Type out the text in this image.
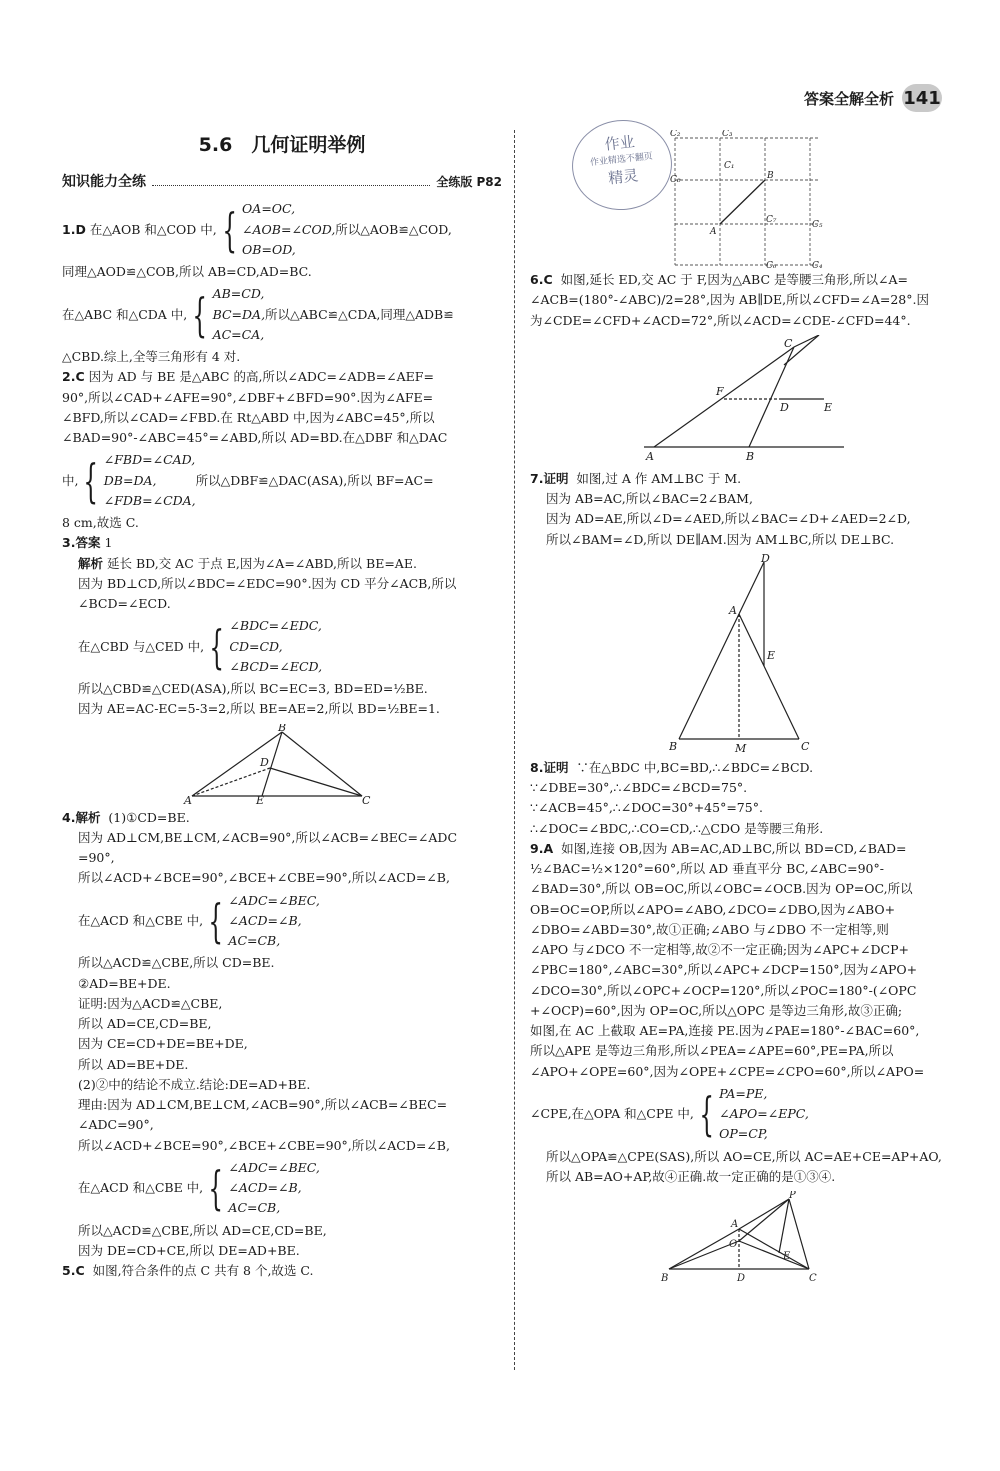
答案全解全析 141
5.6　几何证明举例
知识能力全练	全练版 P82
1.D
在△AOB 和△COD 中, { OA=OC,
∠AOB=∠COD,
OB=OD,
所以△AOB≌△COD,

同理△AOD≌△COB,所以 AB=CD,AD=BC.

在△ABC 和△CDA 中, { AB=CD,
BC=DA,
AC=CA,
所以△ABC≌△CDA,同理△ADB≌

△CBD.综上,全等三角形有 4 对.

2.C 因为 AD 与 BE 是△ABC 的高,所以∠ADC=∠ADB=∠AEF=

90°,所以∠CAD+∠AFE=90°,∠DBF+∠BFD=90°.因为∠AFE=

∠BFD,所以∠CAD=∠FBD.在 Rt△ABD 中,因为∠ABC=45°,所以

∠BAD=90°-∠ABC=45°=∠ABD,所以 AD=BD.在△DBF 和△DAC

中, { ∠FBD=∠CAD,
DB=DA,
∠FDB=∠CDA,
所以△DBF≌△DAC(ASA),所以 BF=AC=

8 cm,故选 C.

3.答案 1

解析 延长 BD,交 AC 于点 E,因为∠A=∠ABD,所以 BE=AE.

因为 BD⊥CD,所以∠BDC=∠EDC=90°.因为 CD 平分∠ACB,所以

∠BCD=∠ECD.

在△CBD 与△CED 中, { ∠BDC=∠EDC,
CD=CD,
∠BCD=∠ECD,

所以△CBD≌△CED(ASA),所以 BC=EC=3, BD=ED=½BE.

因为 AE=AC-EC=5-3=2,所以 BE=AE=2,所以 BD=½BE=1.

A
B
C
D
E

4.解析 (1)①CD=BE.

因为 AD⊥CM,BE⊥CM,∠ACB=90°,所以∠ACB=∠BEC=∠ADC

=90°,

所以∠ACD+∠BCE=90°,∠BCE+∠CBE=90°,所以∠ACD=∠B,

在△ACD 和△CBE 中, { ∠ADC=∠BEC,
∠ACD=∠B,
AC=CB,

所以△ACD≌△CBE,所以 CD=BE.

②AD=BE+DE.

证明:因为△ACD≌△CBE,

所以 AD=CE,CD=BE,

因为 CE=CD+DE=BE+DE,

所以 AD=BE+DE.

(2)②中的结论不成立.结论:DE=AD+BE.

理由:因为 AD⊥CM,BE⊥CM,∠ACB=90°,所以∠ACB=∠BEC=

∠ADC=90°,

所以∠ACD+∠BCE=90°,∠BCE+∠CBE=90°,所以∠ACD=∠B,

在△ACD 和△CBE 中, { ∠ADC=∠BEC,
∠ACD=∠B,
AC=CB,

所以△ACD≌△CBE,所以 AD=CE,CD=BE,

因为 DE=CD+CE,所以 DE=AD+BE.

5.C 如图,符合条件的点 C 共有 8 个,故选 C.

作业
作业精选不翻页
精灵
C₁
C₂	C₃
C₄
C₅
C₆
C₇
C₈
A
B

6.C 如图,延长 ED,交 AC 于 F,因为△ABC 是等腰三角形,所以∠A=

∠ACB=(180°-∠ABC)/2=28°,因为 AB∥DE,所以∠CFD=∠A=28°.因

为∠CDE=∠CFD+∠ACD=72°,所以∠ACD=∠CDE-∠CFD=44°.

A	B
C
D	E
F

7.证明 如图,过 A 作 AM⊥BC 于 M.

因为 AB=AC,所以∠BAC=2∠BAM,

因为 AD=AE,所以∠D=∠AED,所以∠BAC=∠D+∠AED=2∠D,

所以∠BAM=∠D,所以 DE∥AM.因为 AM⊥BC,所以 DE⊥BC.

A
B	C
D
E
M

8.证明 ∵在△BDC 中,BC=BD,∴∠BDC=∠BCD.

∵∠DBE=30°,∴∠BDC=∠BCD=75°.

∵∠ACB=45°,∴∠DOC=30°+45°=75°.

∴∠DOC=∠BDC,∴CO=CD,∴△CDO 是等腰三角形.

9.A 如图,连接 OB,因为 AB=AC,AD⊥BC,所以 BD=CD,∠BAD=

½∠BAC=½×120°=60°,所以 AD 垂直平分 BC,∠ABC=90°-

∠BAD=30°,所以 OB=OC,所以∠OBC=∠OCB.因为 OP=OC,所以

OB=OC=OP,所以∠APO=∠ABO,∠DCO=∠DBO,因为∠ABO+

∠DBO=∠ABD=30°,故①正确;∠ABO 与∠DBO 不一定相等,则

∠APO 与∠DCO 不一定相等,故②不一定正确;因为∠APC+∠DCP+

∠PBC=180°,∠ABC=30°,所以∠APC+∠DCP=150°,因为∠APO+

∠DCO=30°,所以∠OPC+∠OCP=120°,所以∠POC=180°-(∠OPC

+∠OCP)=60°,因为 OP=OC,所以△OPC 是等边三角形,故③正确;

如图,在 AC 上截取 AE=PA,连接 PE.因为∠PAE=180°-∠BAC=60°,

所以△APE 是等边三角形,所以∠PEA=∠APE=60°,PE=PA,所以

∠APO+∠OPE=60°,因为∠OPE+∠CPE=∠CPO=60°,所以∠APO=

∠CPE,在△OPA 和△CPE 中, { PA=PE,
∠APO=∠EPC,
OP=CP,

所以△OPA≌△CPE(SAS),所以 AO=CE,所以 AC=AE+CE=AP+AO,

所以 AB=AO+AP,故④正确.故一定正确的是①③④.

A
B	C
D
E
O
P
